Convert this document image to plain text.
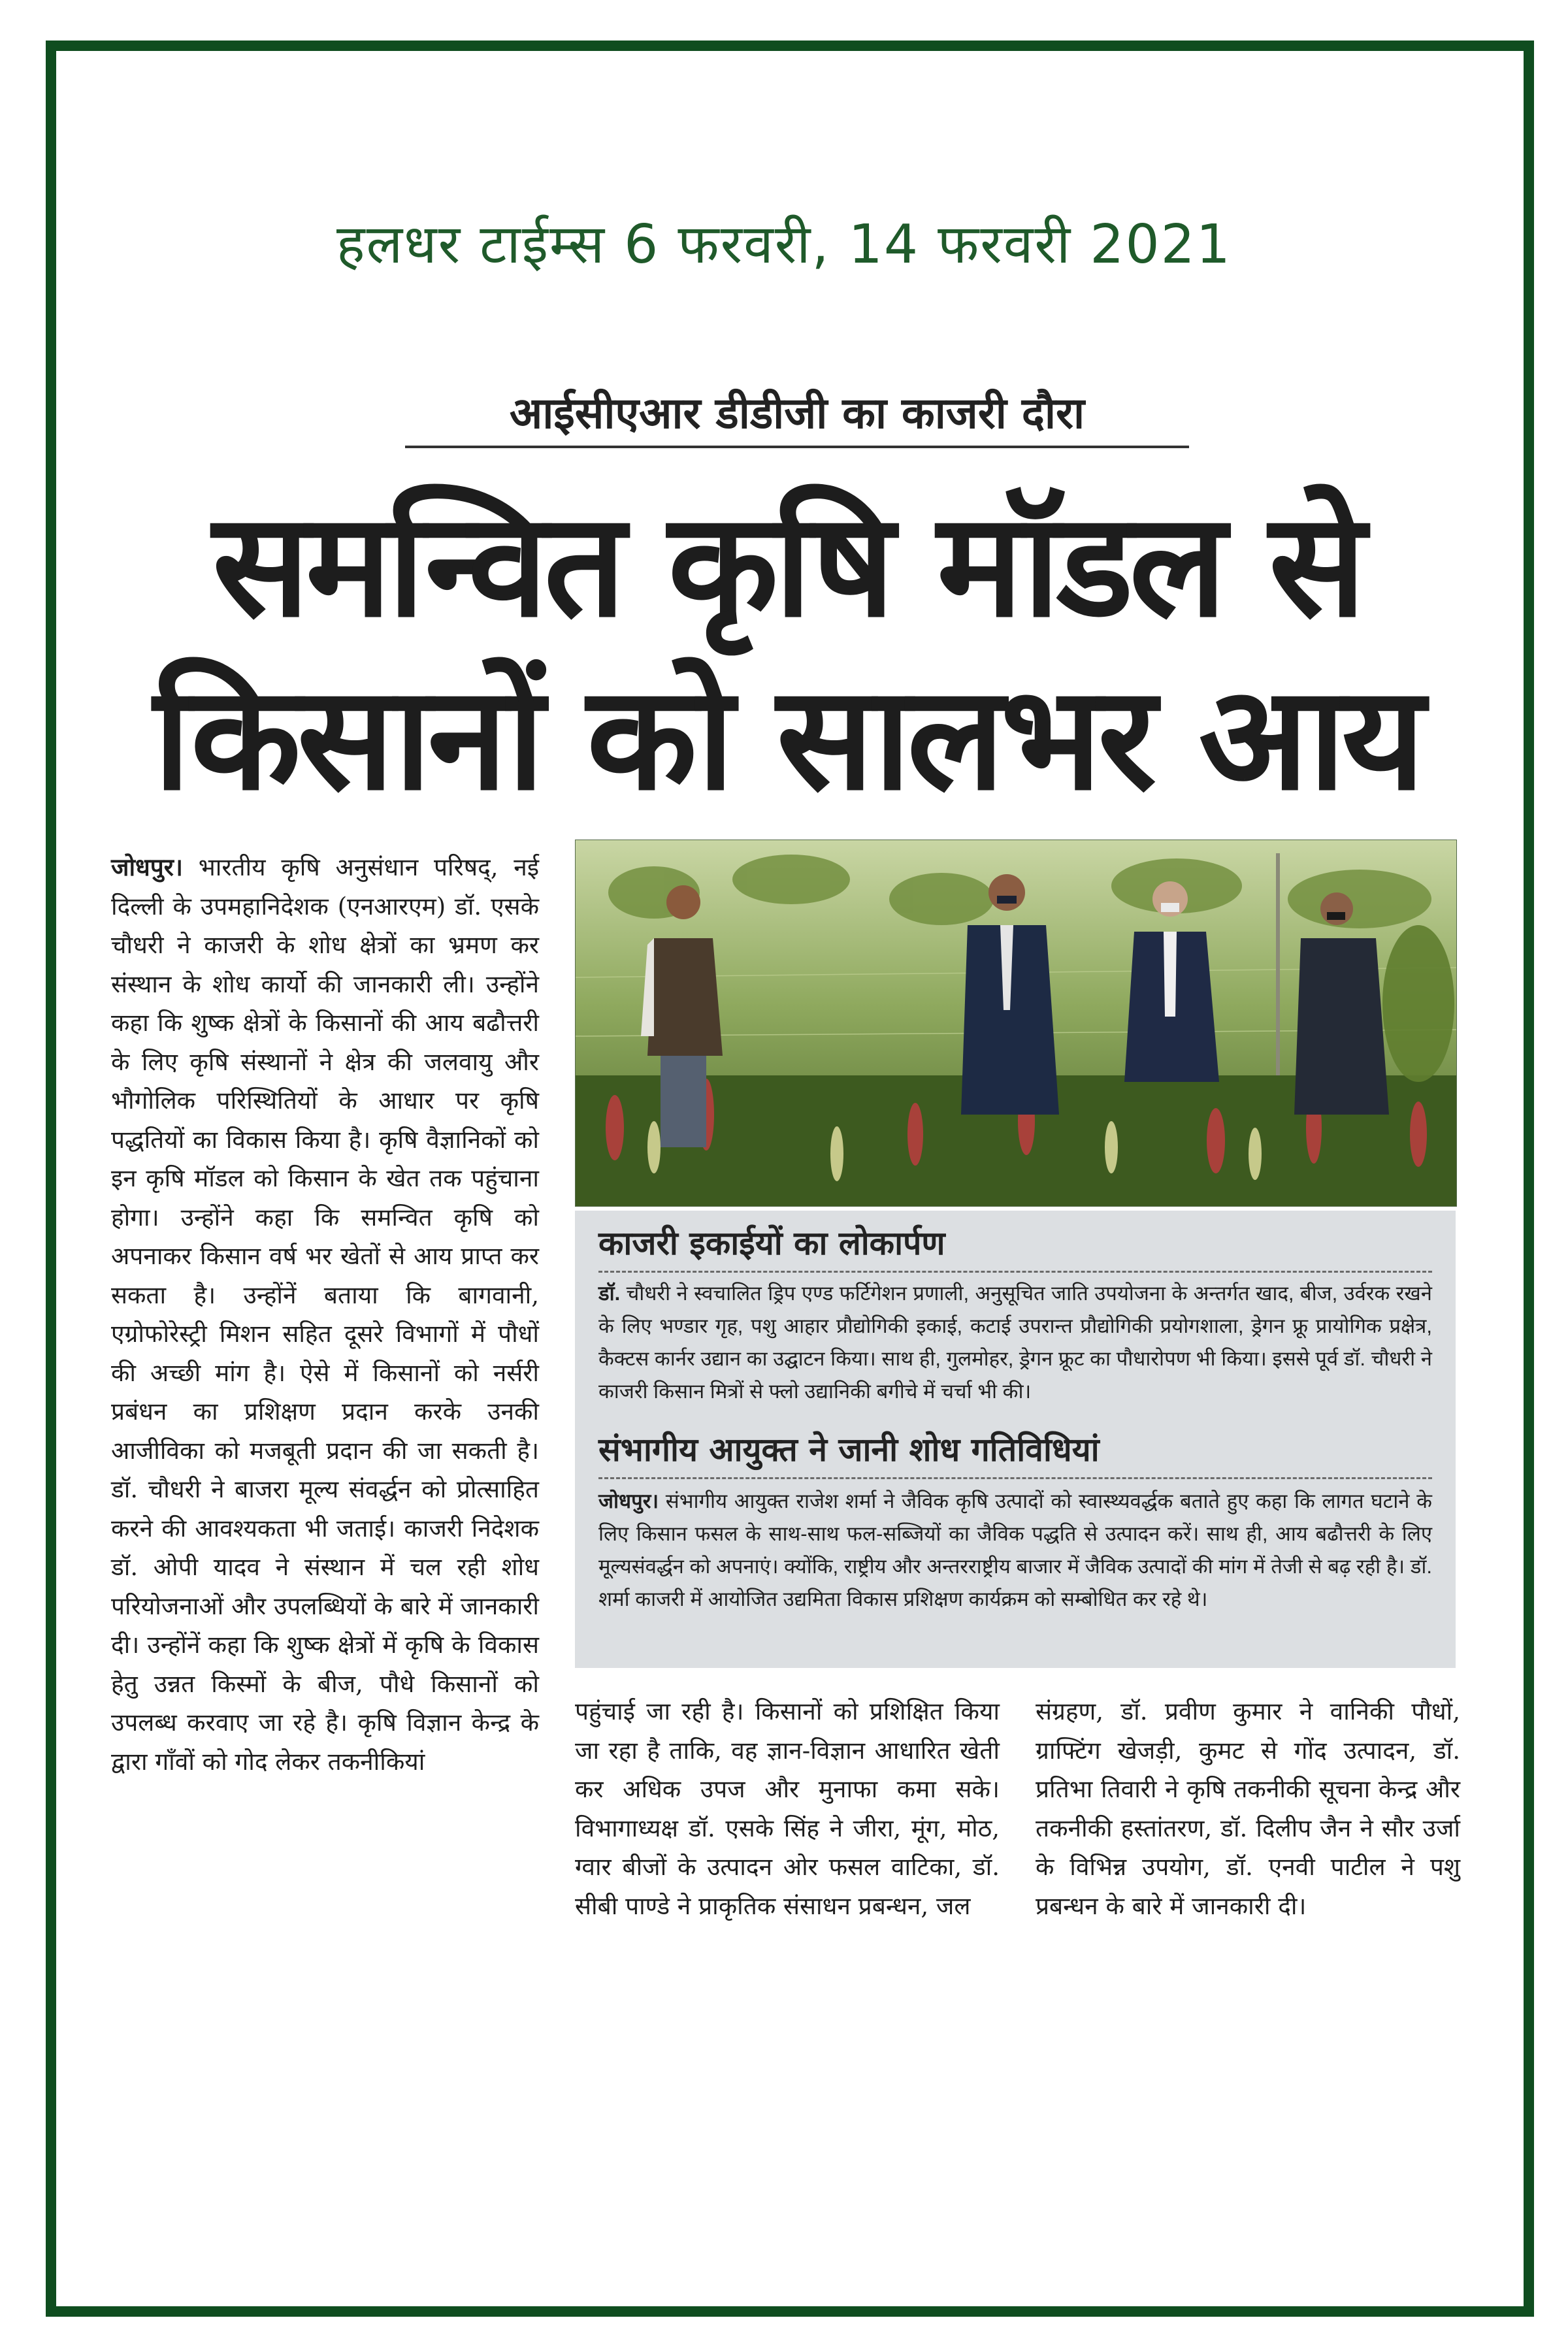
हलधर टाईम्स 6 फरवरी, 14 फरवरी 2021
आईसीएआर डीडीजी का काजरी दौरा
समन्वित कृषि मॉडल से
किसानों को सालभर आय
जोधपुर। भारतीय कृषि अनुसंधान परिषद्, नई दिल्ली के उपमहानिदेशक (एनआरएम) डॉ. एसके चौधरी ने काजरी के शोध क्षेत्रों का भ्रमण कर संस्थान के शोध कार्यो की जानकारी ली। उन्होंने कहा कि शुष्क क्षेत्रों के किसानों की आय बढौत्तरी के लिए कृषि संस्थानों ने क्षेत्र की जलवायु और भौगोलिक परिस्थितियों के आधार पर कृषि पद्धतियों का विकास किया है। कृषि वैज्ञानिकों को इन कृषि मॉडल को किसान के खेत तक पहुंचाना होगा। उन्होंने कहा कि समन्वित कृषि को अपनाकर किसान वर्ष भर खेतों से आय प्राप्त कर सकता है। उन्होंनें बताया कि बागवानी, एग्रोफोरेस्ट्री मिशन सहित दूसरे विभागों में पौधों की अच्छी मांग है। ऐसे में किसानों को नर्सरी प्रबंधन का प्रशिक्षण प्रदान करके उनकी आजीविका को मजबूती प्रदान की जा सकती है। डॉ. चौधरी ने बाजरा मूल्य संवर्द्धन को प्रोत्साहित करने की आवश्यकता भी जताई। काजरी निदेशक डॉ. ओपी यादव ने संस्थान में चल रही शोध परियोजनाओं और उपलब्धियों के बारे में जानकारी दी। उन्होंनें कहा कि शुष्क क्षेत्रों में कृषि के विकास हेतु उन्नत किस्मों के बीज, पौधे किसानों को उपलब्ध करवाए जा रहे है। कृषि विज्ञान केन्द्र के द्वारा गाँवों को गोद लेकर तकनीकियां
काजरी इकाईयों का लोकार्पण
डॉ. चौधरी ने स्वचालित ड्रिप एण्ड फर्टिगेशन प्रणाली, अनुसूचित जाति उपयोजना के अन्तर्गत खाद, बीज, उर्वरक रखने के लिए भण्डार गृह, पशु आहार प्रौद्योगिकी इकाई, कटाई उपरान्त प्रौद्योगिकी प्रयोगशाला, ड्रेगन फ्रू प्रायोगिक प्रक्षेत्र, कैक्टस कार्नर उद्यान का उद्घाटन किया। साथ ही, गुलमोहर, ड्रेगन फ्रूट का पौधारोपण भी किया। इससे पूर्व डॉ. चौधरी ने काजरी किसान मित्रों से फ्लो उद्यानिकी बगीचे में चर्चा भी की।
संभागीय आयुक्त ने जानी शोध गतिविधियां
जोधपुर। संभागीय आयुक्त राजेश शर्मा ने जैविक कृषि उत्पादों को स्वास्थ्यवर्द्धक बताते हुए कहा कि लागत घटाने के लिए किसान फसल के साथ-साथ फल-सब्जियों का जैविक पद्धति से उत्पादन करें। साथ ही, आय बढौत्तरी के लिए मूल्यसंवर्द्धन को अपनाएं। क्योंकि, राष्ट्रीय और अन्तरराष्ट्रीय बाजार में जैविक उत्पादों की मांग में तेजी से बढ़ रही है। डॉ. शर्मा काजरी में आयोजित उद्यमिता विकास प्रशिक्षण कार्यक्रम को सम्बोधित कर रहे थे।
पहुंचाई जा रही है। किसानों को प्रशिक्षित किया जा रहा है ताकि, वह ज्ञान-विज्ञान आधारित खेती कर अधिक उपज और मुनाफा कमा सके। विभागाध्यक्ष डॉ. एसके सिंह ने जीरा, मूंग, मोठ, ग्वार बीजों के उत्पादन ओर फसल वाटिका, डॉ. सीबी पाण्डे ने प्राकृतिक संसाधन प्रबन्धन, जल
संग्रहण, डॉ. प्रवीण कुमार ने वानिकी पौधों, ग्राफ्टिंग खेजड़ी, कुमट से गोंद उत्पादन, डॉ. प्रतिभा तिवारी ने कृषि तकनीकी सूचना केन्द्र और तकनीकी हस्तांतरण, डॉ. दिलीप जैन ने सौर उर्जा के विभिन्न उपयोग, डॉ. एनवी पाटील ने पशु प्रबन्धन के बारे में जानकारी दी।
